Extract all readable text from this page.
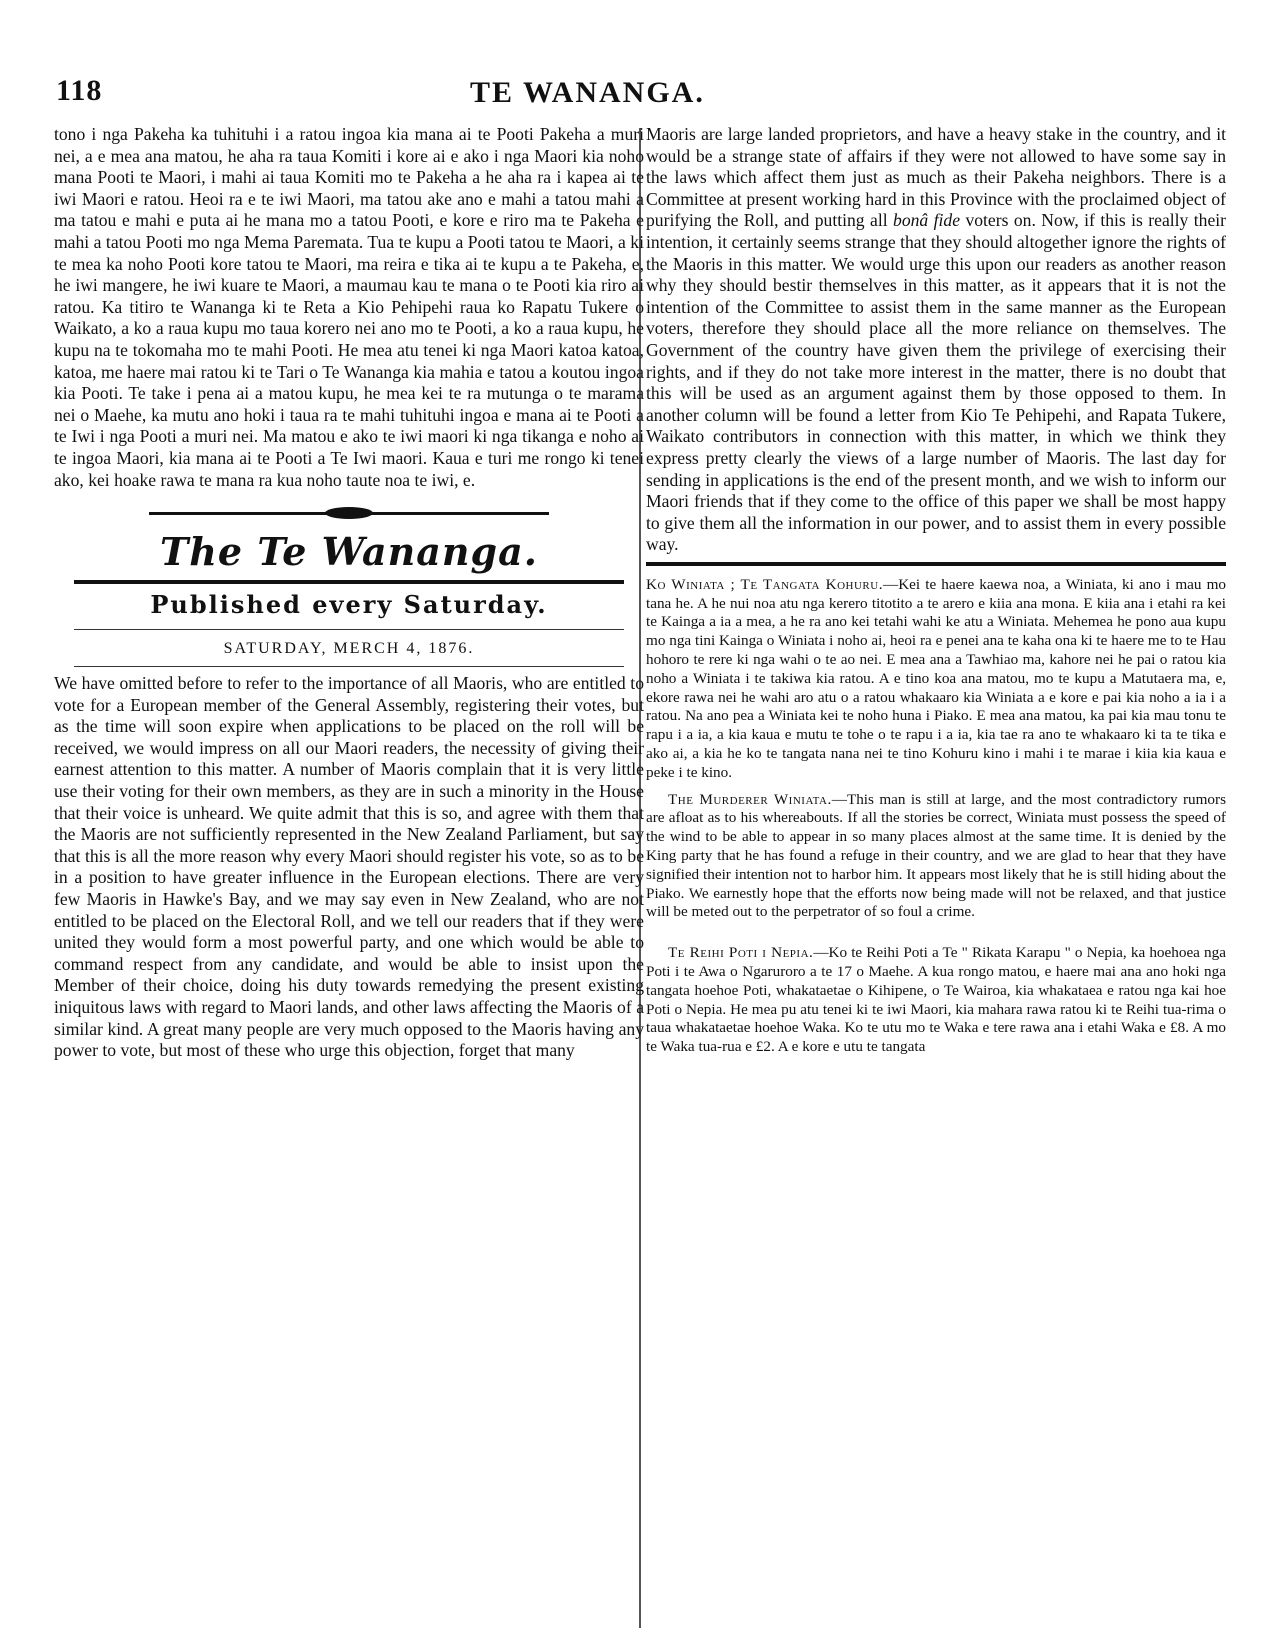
118	TE WANANGA.

tono i nga Pakeha ka tuhituhi i a ratou ingoa kia mana ai te Pooti Pakeha a muri nei, a e mea ana matou, he aha ra taua Komiti i kore ai e ako i nga Maori kia noho mana Pooti te Maori, i mahi ai taua Komiti mo te Pakeha a he aha ra i kapea ai te iwi Maori e ratou. Heoi ra e te iwi Maori, ma tatou ake ano e mahi a tatou mahi a ma tatou e mahi e puta ai he mana mo a tatou Pooti, e kore e riro ma te Pakeha e mahi a tatou Pooti mo nga Mema Paremata. Tua te kupu a Pooti tatou te Maori, a ki te mea ka noho Pooti kore tatou te Maori, ma reira e tika ai te kupu a te Pakeha, e, he iwi mangere, he iwi kuare te Maori, a maumau kau te mana o te Pooti kia riro ai ratou. Ka titiro te Wananga ki te Reta a Kio Pehipehi raua ko Rapatu Tukere o Waikato, a ko a raua kupu mo taua korero nei ano mo te Pooti, a ko a raua kupu, he kupu na te tokomaha mo te mahi Pooti. He mea atu tenei ki nga Maori katoa katoa, katoa, me haere mai ratou ki te Tari o Te Wananga kia mahia e tatou a koutou ingoa kia Pooti. Te take i pena ai a matou kupu, he mea kei te ra mutunga o te marama nei o Maehe, ka mutu ano hoki i taua ra te mahi tuhituhi ingoa e mana ai te Pooti a te Iwi i nga Pooti a muri nei. Ma matou e ako te iwi maori ki nga tikanga e noho ai te ingoa Maori, kia mana ai te Pooti a Te Iwi maori. Kaua e turi me rongo ki tenei ako, kei hoake rawa te mana ra kua noho taute noa te iwi, e.

The Te Wananga.
Published every Saturday.
SATURDAY, MERCH 4, 1876.

We have omitted before to refer to the importance of all Maoris, who are entitled to vote for a European member of the General Assembly, registering their votes, but as the time will soon expire when applications to be placed on the roll will be received, we would impress on all our Maori readers, the necessity of giving their earnest attention to this matter. A number of Maoris complain that it is very little use their voting for their own members, as they are in such a minority in the House that their voice is unheard. We quite admit that this is so, and agree with them that the Maoris are not sufficiently represented in the New Zealand Parliament, but say that this is all the more reason why every Maori should register his vote, so as to be in a position to have greater influence in the European elections. There are very few Maoris in Hawke's Bay, and we may say even in New Zealand, who are not entitled to be placed on the Electoral Roll, and we tell our readers that if they were united they would form a most powerful party, and one which would be able to command respect from any candidate, and would be able to insist upon the Member of their choice, doing his duty towards remedying the present existing iniquitous laws with regard to Maori lands, and other laws affecting the Maoris of a similar kind. A great many people are very much opposed to the Maoris having any power to vote, but most of these who urge this objection, forget that many

Maoris are large landed proprietors, and have a heavy stake in the country, and it would be a strange state of affairs if they were not allowed to have some say in the laws which affect them just as much as their Pakeha neighbors. There is a Committee at present working hard in this Province with the proclaimed object of purifying the Roll, and putting all bonâ fide voters on. Now, if this is really their intention, it certainly seems strange that they should altogether ignore the rights of the Maoris in this matter. We would urge this upon our readers as another reason why they should bestir themselves in this matter, as it appears that it is not the intention of the Committee to assist them in the same manner as the European voters, therefore they should place all the more reliance on themselves. The Government of the country have given them the privilege of exercising their rights, and if they do not take more interest in the matter, there is no doubt that this will be used as an argument against them by those opposed to them. In another column will be found a letter from Kio Te Pehipehi, and Rapata Tukere, Waikato contributors in connection with this matter, in which we think they express pretty clearly the views of a large number of Maoris. The last day for sending in applications is the end of the present month, and we wish to inform our Maori friends that if they come to the office of this paper we shall be most happy to give them all the information in our power, and to assist them in every possible way.

Ko Winiata ; Te Tangata Kohuru.—Kei te haere kaewa noa, a Winiata, ki ano i mau mo tana he. A he nui noa atu nga kerero titotito a te arero e kiia ana mona. E kiia ana i etahi ra kei te Kainga a ia a mea, a he ra ano kei tetahi wahi ke atu a Winiata. Mehemea he pono aua kupu mo nga tini Kainga o Winiata i noho ai, heoi ra e penei ana te kaha ona ki te haere me to te Hau hohoro te rere ki nga wahi o te ao nei. E mea ana a Tawhiao ma, kahore nei he pai o ratou kia noho a Winiata i te takiwa kia ratou. A e tino koa ana matou, mo te kupu a Matutaera ma, e, ekore rawa nei he wahi aro atu o a ratou whakaaro kia Winiata a e kore e pai kia noho a ia i a ratou. Na ano pea a Winiata kei te noho huna i Piako. E mea ana matou, ka pai kia mau tonu te rapu i a ia, a kia kaua e mutu te tohe o te rapu i a ia, kia tae ra ano te whakaaro ki ta te tika e ako ai, a kia he ko te tangata nana nei te tino Kohuru kino i mahi i te marae i kiia kia kaua e peke i te kino.

The Murderer Winiata.—This man is still at large, and the most contradictory rumors are afloat as to his whereabouts. If all the stories be correct, Winiata must possess the speed of the wind to be able to appear in so many places almost at the same time. It is denied by the King party that he has found a refuge in their country, and we are glad to hear that they have signified their intention not to harbor him. It appears most likely that he is still hiding about the Piako. We earnestly hope that the efforts now being made will not be relaxed, and that justice will be meted out to the perpetrator of so foul a crime.

Te Reihi Poti i Nepia.—Ko te Reihi Poti a Te " Rikata Karapu " o Nepia, ka hoehoea nga Poti i te Awa o Ngaruroro a te 17 o Maehe. A kua rongo matou, e haere mai ana ano hoki nga tangata hoehoe Poti, whakataetae o Kihipene, o Te Wairoa, kia whakataea e ratou nga kai hoe Poti o Nepia. He mea pu atu tenei ki te iwi Maori, kia mahara rawa ratou ki te Reihi tua-rima o taua whakataetae hoehoe Waka. Ko te utu mo te Waka e tere rawa ana i etahi Waka e £8. A mo te Waka tua-rua e £2. A e kore e utu te tangata
